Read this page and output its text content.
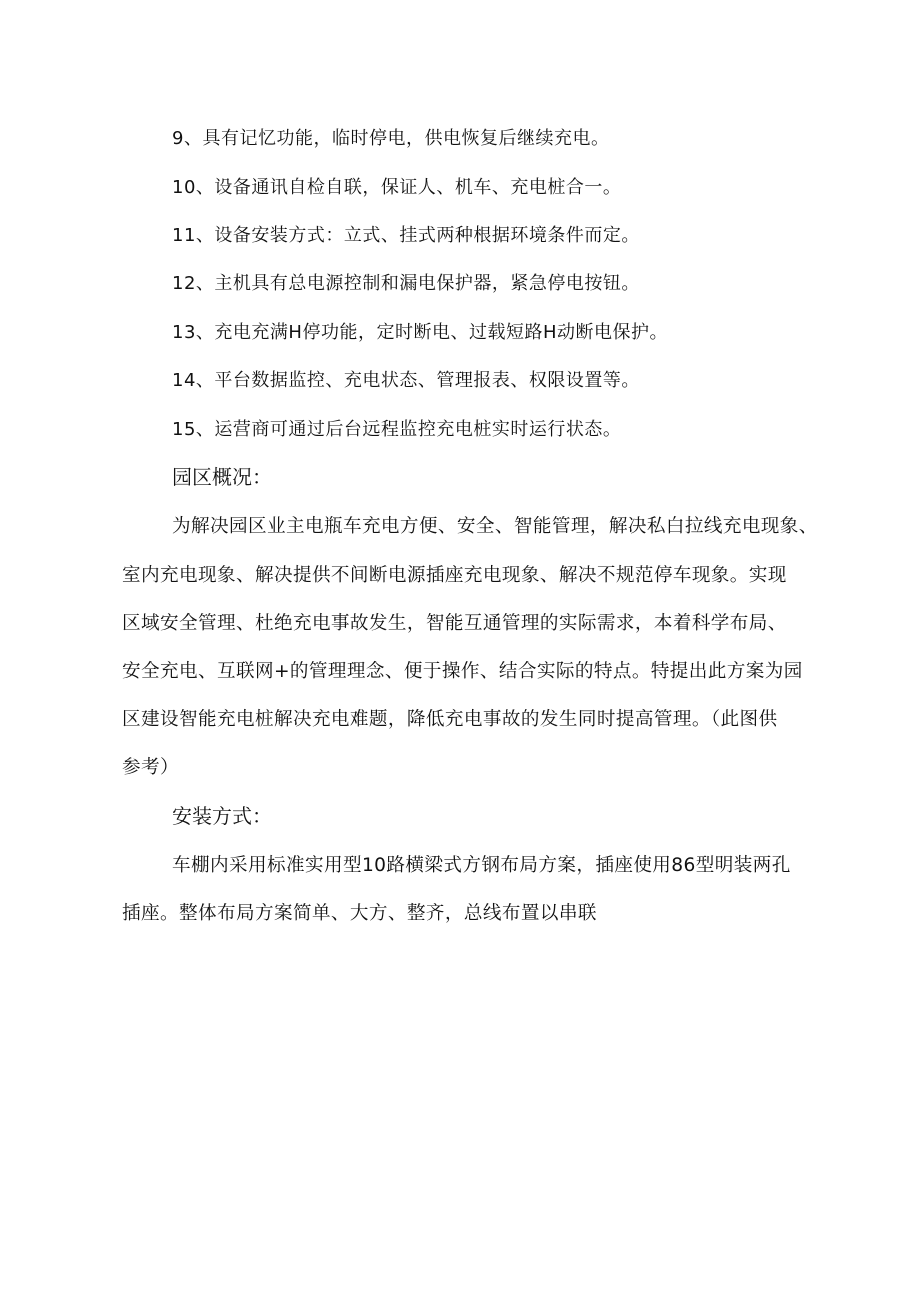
9、具有记忆功能，临时停电，供电恢复后继续充电。
10、设备通讯自检自联，保证人、机车、充电桩合一。
11、设备安装方式：立式、挂式两种根据环境条件而定。
12、主机具有总电源控制和漏电保护器，紧急停电按钮。
13、充电充满H停功能，定时断电、过载短路H动断电保护。
14、平台数据监控、充电状态、管理报表、权限设置等。
15、运营商可通过后台远程监控充电桩实时运行状态。
园区概况：
为解决园区业主电瓶车充电方便、安全、智能管理，解决私白拉线充电现象、
室内充电现象、解决提供不间断电源插座充电现象、解决不规范停车现象。实现
区域安全管理、杜绝充电事故发生，智能互通管理的实际需求，本着科学布局、
安全充电、互联网+的管理理念、便于操作、结合实际的特点。特提出此方案为园
区建设智能充电桩解决充电难题，降低充电事故的发生同时提高管理。（此图供
参考）
安装方式：
车棚内采用标准实用型10路横梁式方钢布局方案，插座使用86型明装两孔
插座。整体布局方案简单、大方、整齐，总线布置以串联
